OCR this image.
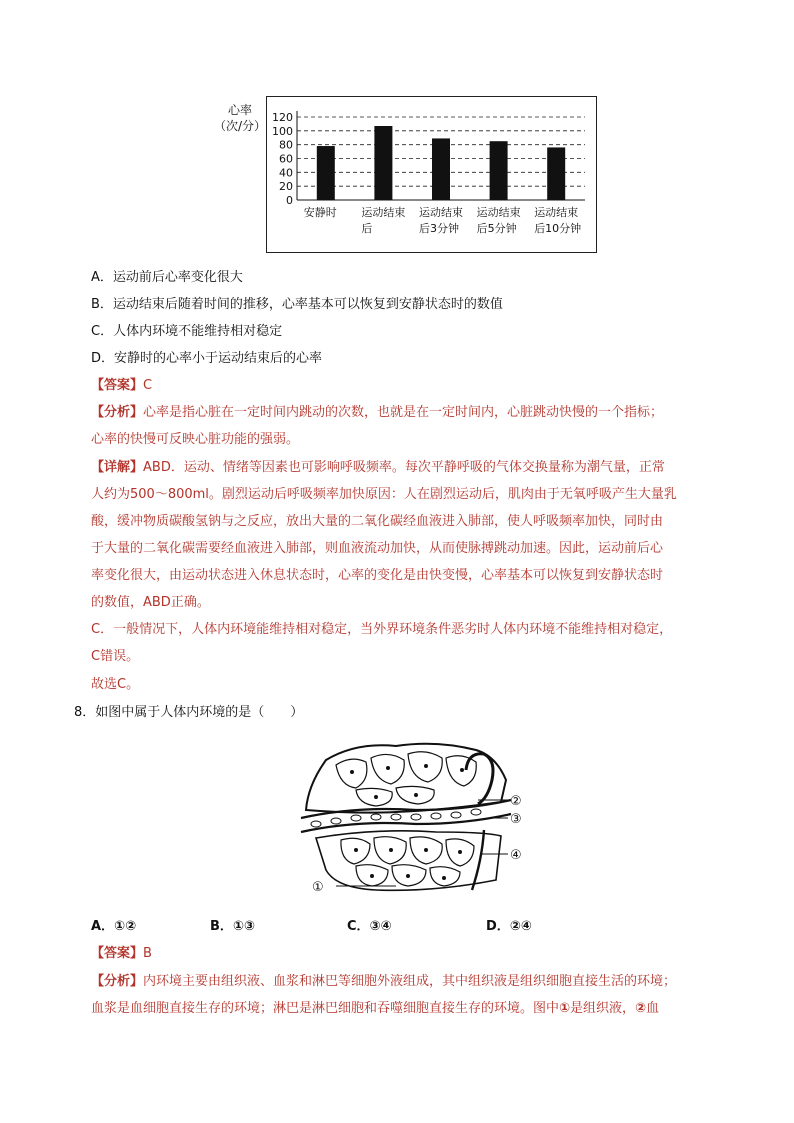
120
100
80
60
40
20
0
安静时 运动结束
后
运动结束
后3分钟
运动结束
后5分钟
运动结束
后10分钟
心率
（次/分）
A．运动前后心率变化很大
B．运动结束后随着时间的推移，心率基本可以恢复到安静状态时的数值
C．人体内环境不能维持相对稳定
D．安静时的心率小于运动结束后的心率
【答案】C
【分析】心率是指心脏在一定时间内跳动的次数，也就是在一定时间内，心脏跳动快慢的一个指标；
心率的快慢可反映心脏功能的强弱。
【详解】ABD．运动、情绪等因素也可影响呼吸频率。每次平静呼吸的气体交换量称为潮气量，正常
人约为500～800ml。剧烈运动后呼吸频率加快原因：人在剧烈运动后，肌肉由于无氧呼吸产生大量乳
酸，缓冲物质碳酸氢钠与之反应，放出大量的二氧化碳经血液进入肺部，使人呼吸频率加快，同时由
于大量的二氧化碳需要经血液进入肺部，则血液流动加快，从而使脉搏跳动加速。因此，运动前后心
率变化很大，由运动状态进入休息状态时，心率的变化是由快变慢，心率基本可以恢复到安静状态时
的数值，ABD正确。
C．一般情况下，人体内环境能维持相对稳定，当外界环境条件恶劣时人体内环境不能维持相对稳定，
C错误。
故选C。
8．如图中属于人体内环境的是（　　）
②
③
④
①
A．①②	B．①③	C．③④	D．②④
【答案】B
【分析】内环境主要由组织液、血浆和淋巴等细胞外液组成，其中组织液是组织细胞直接生活的环境；
血浆是血细胞直接生存的环境；淋巴是淋巴细胞和吞噬细胞直接生存的环境。图中①是组织液，②血
